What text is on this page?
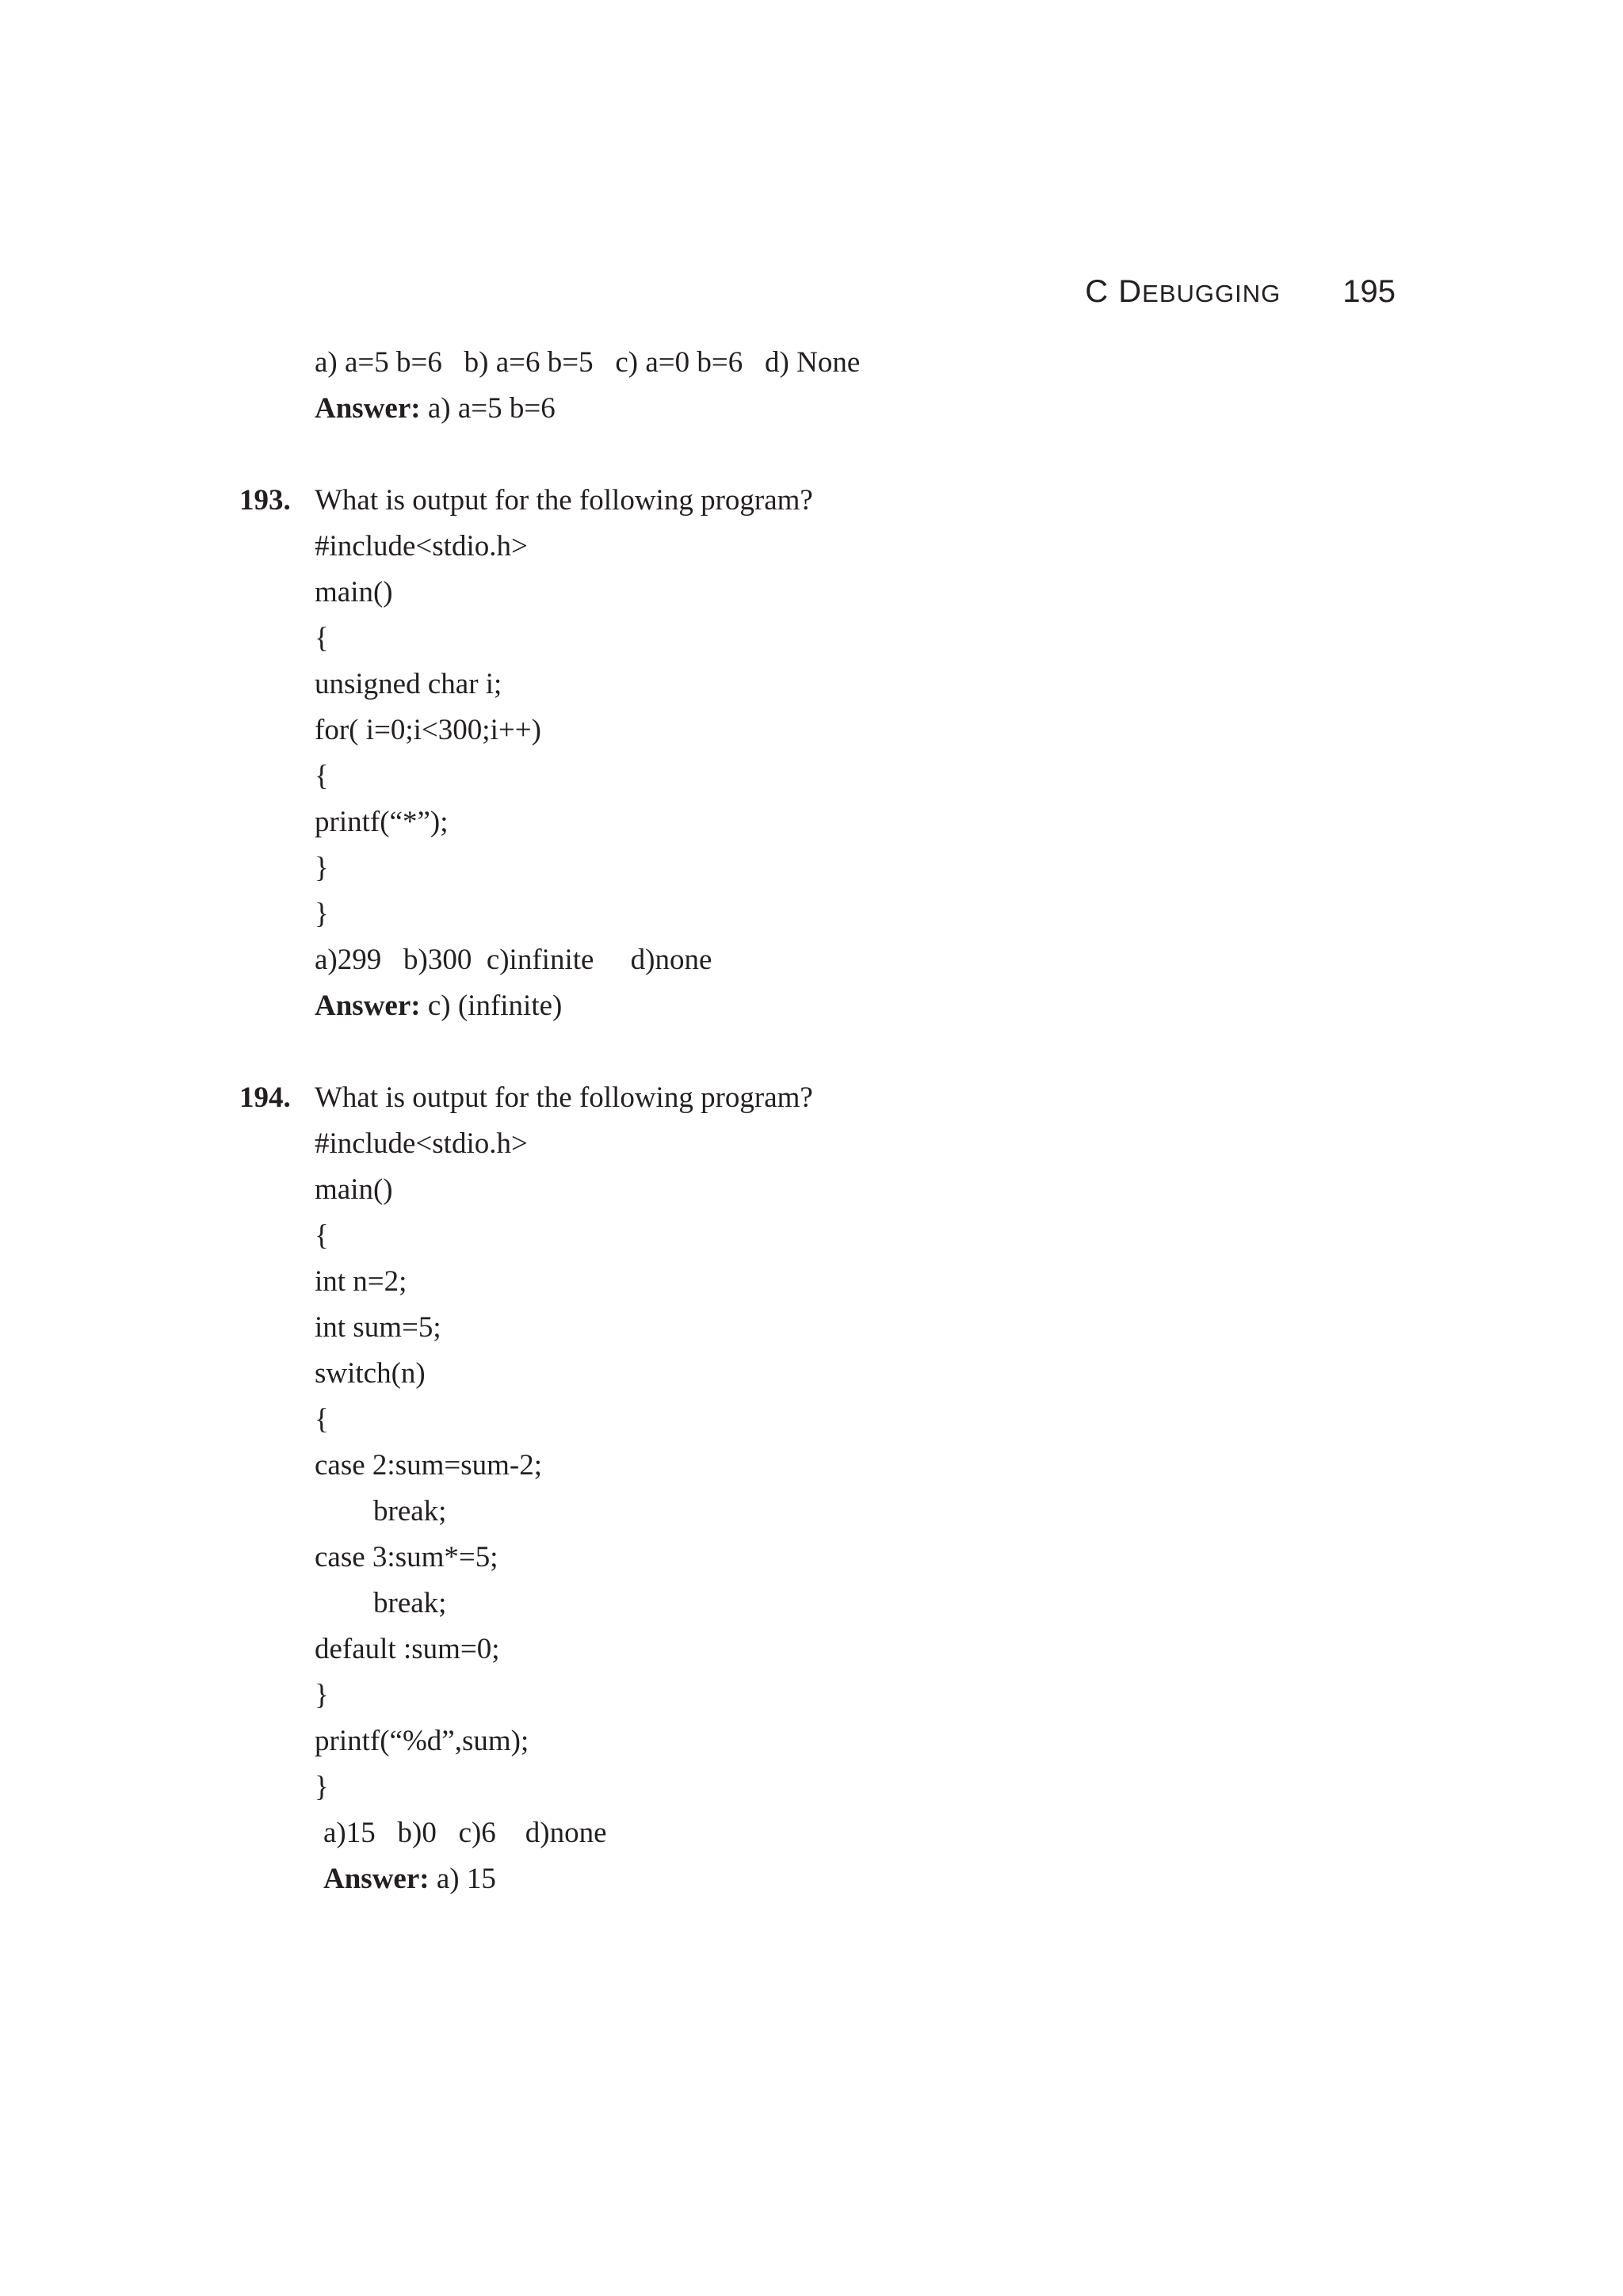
C DEBUGGING 195
a) a=5 b=6   b) a=6 b=5   c) a=0 b=6   d) None
Answer: a) a=5 b=6
193. What is output for the following program?
#include<stdio.h>
main()
{
unsigned char i;
for( i=0;i<300;i++)
{
printf(“*”);
}
}
a)299   b)300  c)infinite     d)none
Answer: c) (infinite)
194. What is output for the following program?
#include<stdio.h>
main()
{
int n=2;
int sum=5;
switch(n)
{
case 2:sum=sum-2;
break;
case 3:sum*=5;
break;
default :sum=0;
}
printf(“%d”,sum);
}
a)15   b)0   c)6    d)none
Answer: a) 15
